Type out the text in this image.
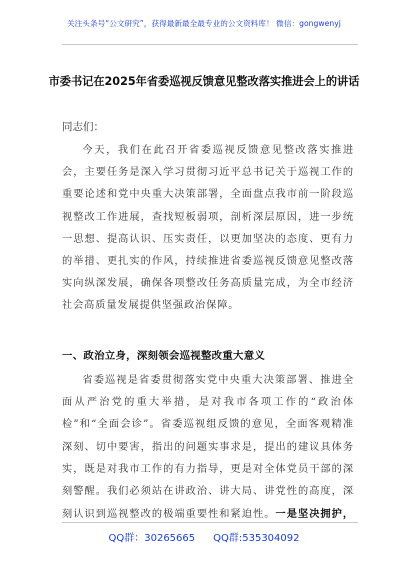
关注头条号“公文研究”，获得最新最全最专业的公文资料库！ 微信：gongwenyj
市委书记在2025年省委巡视反馈意见整改落实推进会上的讲话
同志们：

今天，我们在此召开省委巡视反馈意见整改落实推进会，主要任务是深入学习贯彻习近平总书记关于巡视工作的重要论述和党中央重大决策部署，全面盘点我市前一阶段巡视整改工作进展，查找短板弱项，剖析深层原因，进一步统一思想、提高认识、压实责任，以更加坚决的态度、更有力的举措、更扎实的作风，持续推进省委巡视反馈意见整改落实向纵深发展，确保各项整改任务高质量完成，为全市经济社会高质量发展提供坚强政治保障。

一、政治立身，深刻领会巡视整改重大意义

省委巡视是省委贯彻落实党中央重大决策部署、推进全面从严治党的重大举措，是对我市各项工作的“政治体检”和“全面会诊”。省委巡视组反馈的意见，全面客观精准深刻、切中要害，指出的问题实事求是，提出的建议具体务实，既是对我市工作的有力指导，更是对全体党员干部的深刻警醒。我们必须站在讲政治、讲大局、讲党性的高度，深刻认识到巡视整改的极端重要性和紧迫性。一是坚决拥护，

QQ群：30265665 QQ群:535304092
